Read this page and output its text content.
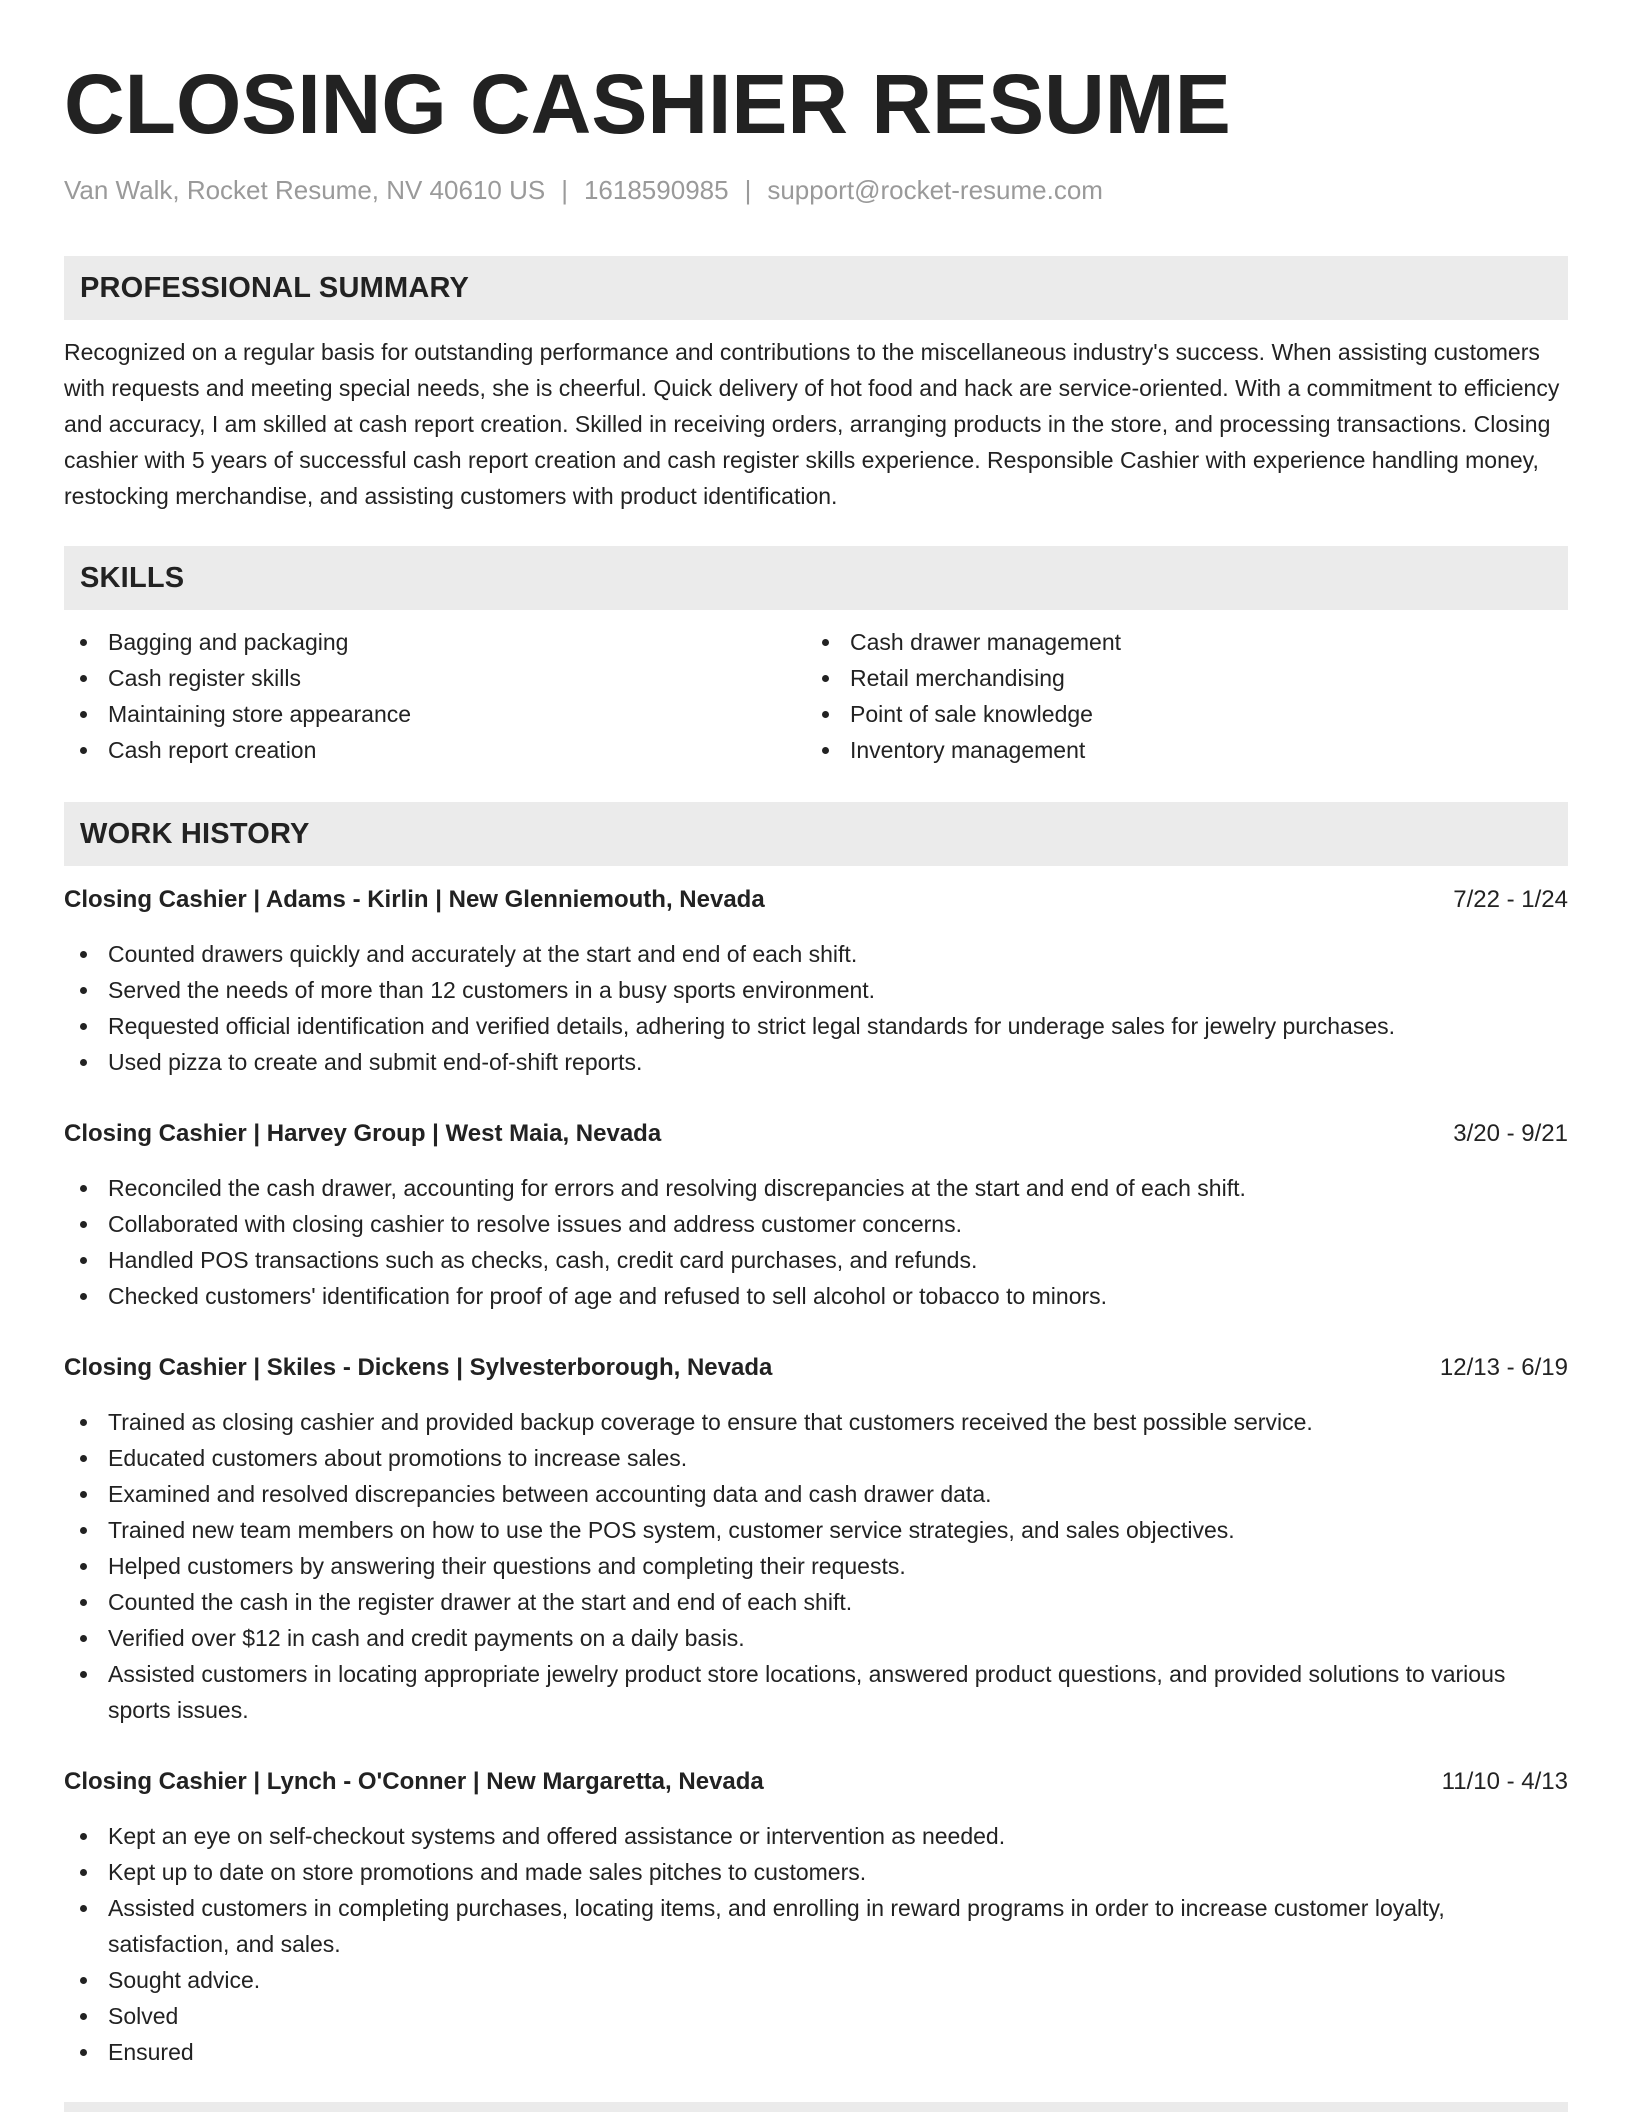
CLOSING CASHIER RESUME
Van Walk, Rocket Resume, NV 40610 US | 1618590985 | support@rocket-resume.com
PROFESSIONAL SUMMARY

Recognized on a regular basis for outstanding performance and contributions to the miscellaneous industry's success. When assisting customers with requests and meeting special needs, she is cheerful. Quick delivery of hot food and hack are service-oriented. With a commitment to efficiency and accuracy, I am skilled at cash report creation. Skilled in receiving orders, arranging products in the store, and processing transactions. Closing cashier with 5 years of successful cash report creation and cash register skills experience. Responsible Cashier with experience handling money, restocking merchandise, and assisting customers with product identification.

SKILLS
Bagging and packaging
Cash register skills
Maintaining store appearance
Cash report creation
Cash drawer management
Retail merchandising
Point of sale knowledge
Inventory management
WORK HISTORY
Closing Cashier | Adams - Kirlin | New Glenniemouth, Nevada	7/22 - 1/24
Counted drawers quickly and accurately at the start and end of each shift.
Served the needs of more than 12 customers in a busy sports environment.
Requested official identification and verified details, adhering to strict legal standards for underage sales for jewelry purchases.
Used pizza to create and submit end-of-shift reports.
Closing Cashier | Harvey Group | West Maia, Nevada	3/20 - 9/21
Reconciled the cash drawer, accounting for errors and resolving discrepancies at the start and end of each shift.
Collaborated with closing cashier to resolve issues and address customer concerns.
Handled POS transactions such as checks, cash, credit card purchases, and refunds.
Checked customers' identification for proof of age and refused to sell alcohol or tobacco to minors.
Closing Cashier | Skiles - Dickens | Sylvesterborough, Nevada	12/13 - 6/19
Trained as closing cashier and provided backup coverage to ensure that customers received the best possible service.
Educated customers about promotions to increase sales.
Examined and resolved discrepancies between accounting data and cash drawer data.
Trained new team members on how to use the POS system, customer service strategies, and sales objectives.
Helped customers by answering their questions and completing their requests.
Counted the cash in the register drawer at the start and end of each shift.
Verified over $12 in cash and credit payments on a daily basis.
Assisted customers in locating appropriate jewelry product store locations, answered product questions, and provided solutions to various sports issues.
Closing Cashier | Lynch - O'Conner | New Margaretta, Nevada	11/10 - 4/13
Kept an eye on self-checkout systems and offered assistance or intervention as needed.
Kept up to date on store promotions and made sales pitches to customers.
Assisted customers in completing purchases, locating items, and enrolling in reward programs in order to increase customer loyalty, satisfaction, and sales.
Sought advice.
Solved
Ensured
